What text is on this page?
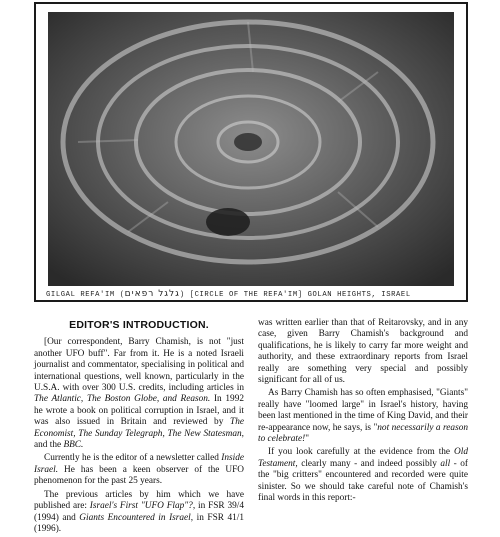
GILGAL REFA'IM (גלגל רפאים) [CIRCLE OF THE REFA'IM] GOLAN HEIGHTS, ISRAEL
EDITOR'S INTRODUCTION.

[Our correspondent, Barry Chamish, is not "just another UFO buff". Far from it. He is a noted Israeli journalist and commentator, specialising in political and international questions, well known, particularly in the U.S.A. with over 300 U.S. credits, including articles in The Atlantic, The Boston Globe, and Reason. In 1992 he wrote a book on political corruption in Israel, and it was also issued in Britain and reviewed by The Economist, The Sunday Telegraph, The New Statesman, and the BBC.

Currently he is the editor of a newsletter called Inside Israel. He has been a keen observer of the UFO phenomenon for the past 25 years.

The previous articles by him which we have published are: Israel's First "UFO Flap"?, in FSR 39/4 (1994) and Giants Encountered in Israel, in FSR 41/1 (1996).

was written earlier than that of Reitarovsky, and in any case, given Barry Chamish's background and qualifications, he is likely to carry far more weight and authority, and these extraordinary reports from Israel really are something very special and possibly significant for all of us.

As Barry Chamish has so often emphasised, "Giants" really have "loomed large" in Israel's history, having been last mentioned in the time of King David, and their re-appearance now, he says, is "not necessarily a reason to celebrate!"

If you look carefully at the evidence from the Old Testament, clearly many - and indeed possibly all - of the "big critters" encountered and recorded were quite sinister. So we should take careful note of Chamish's final words in this report:-
